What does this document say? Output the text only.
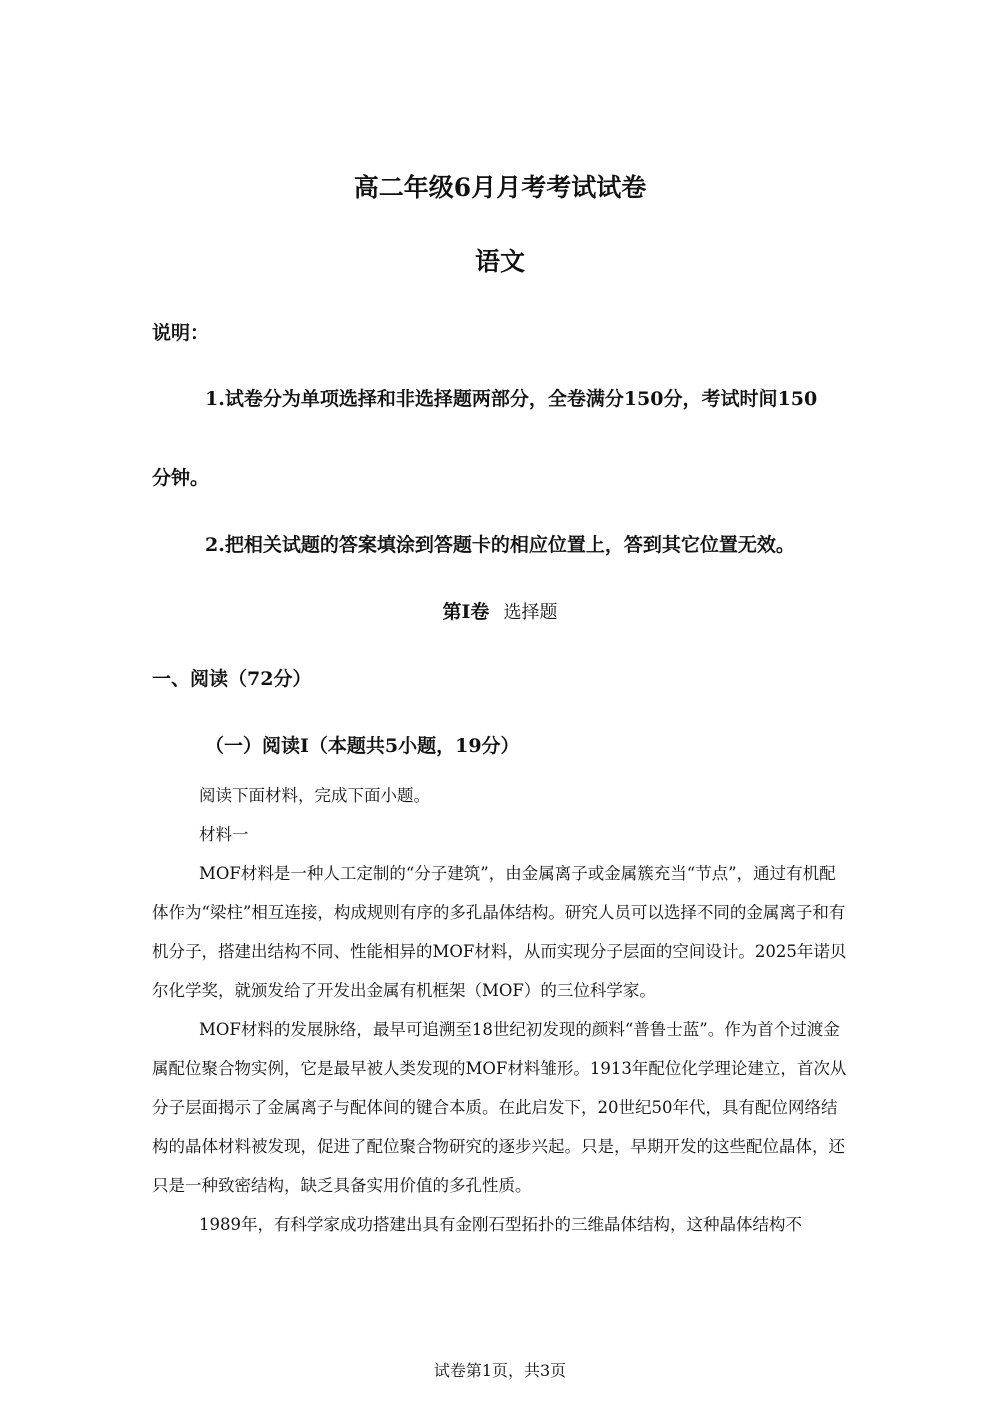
高二年级6月月考考试试卷
语文
说明：
1.试卷分为单项选择和非选择题两部分，全卷满分150分，考试时间150
分钟。
2.把相关试题的答案填涂到答题卡的相应位置上，答到其它位置无效。
第I卷 选择题
一、阅读（72分）
（一）阅读I（本题共5小题，19分）

阅读下面材料，完成下面小题。

材料一

MOF材料是一种人工定制的“分子建筑”，由金属离子或金属簇充当“节点”，通过有机配体作为“梁柱”相互连接，构成规则有序的多孔晶体结构。研究人员可以选择不同的金属离子和有机分子，搭建出结构不同、性能相异的MOF材料，从而实现分子层面的空间设计。2025年诺贝尔化学奖，就颁发给了开发出金属有机框架（MOF）的三位科学家。

MOF材料的发展脉络，最早可追溯至18世纪初发现的颜料“普鲁士蓝”。作为首个过渡金属配位聚合物实例，它是最早被人类发现的MOF材料雏形。1913年配位化学理论建立，首次从分子层面揭示了金属离子与配体间的键合本质。在此启发下，20世纪50年代，具有配位网络结构的晶体材料被发现，促进了配位聚合物研究的逐步兴起。只是，早期开发的这些配位晶体，还只是一种致密结构，缺乏具备实用价值的多孔性质。

1989年，有科学家成功搭建出具有金刚石型拓扑的三维晶体结构，这种晶体结构不

试卷第1页，共3页
